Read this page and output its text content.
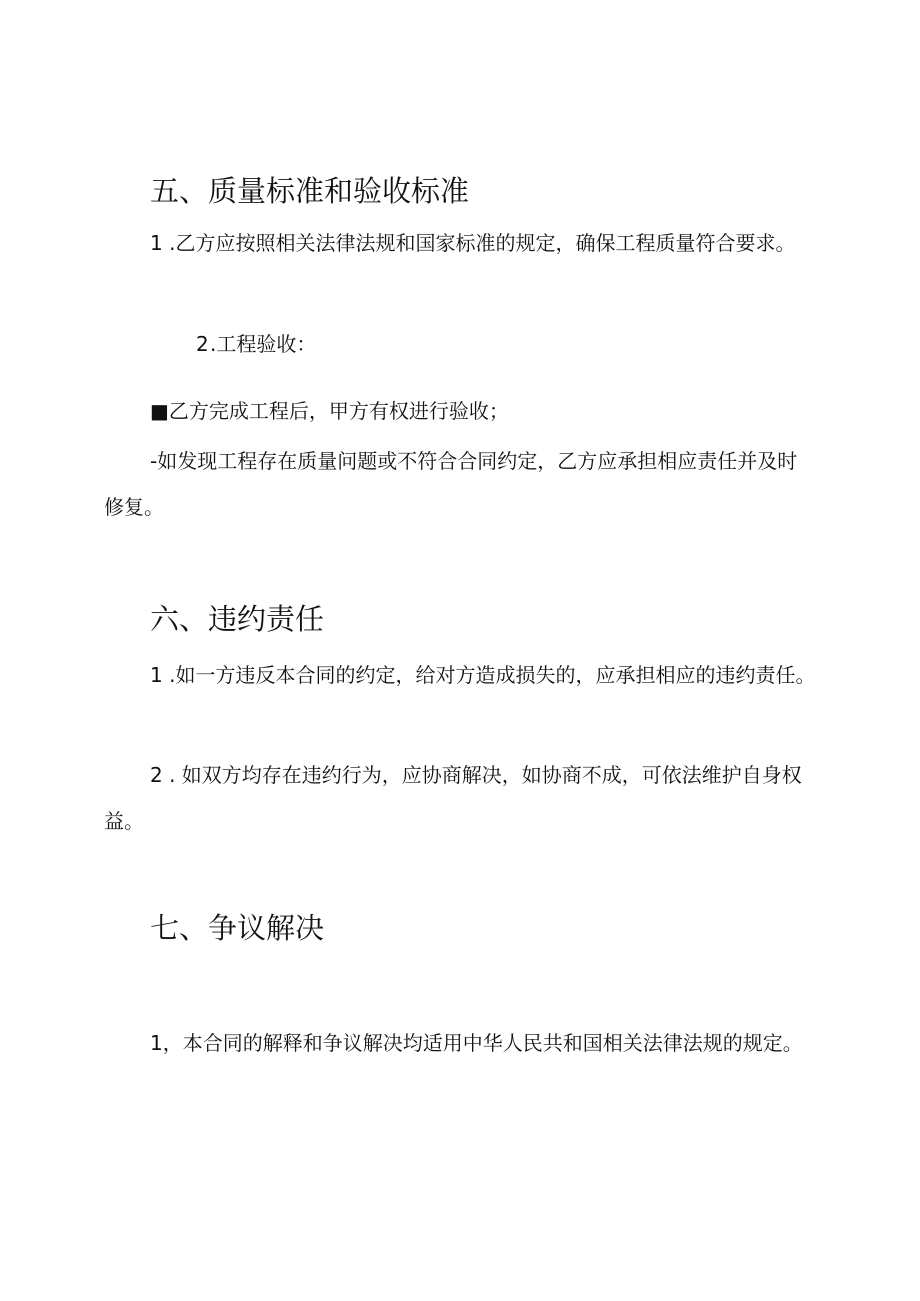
五、质量标准和验收标准

1 .乙方应按照相关法律法规和国家标准的规定，确保工程质量符合要求。

2.工程验收：

■乙方完成工程后，甲方有权进行验收；

-如发现工程存在质量问题或不符合合同约定，乙方应承担相应责任并及时修复。

六、违约责任

1 .如一方违反本合同的约定，给对方造成损失的，应承担相应的违约责任。

2 . 如双方均存在违约行为，应协商解决，如协商不成，可依法维护自身权益。

七、争议解决

1，本合同的解释和争议解决均适用中华人民共和国相关法律法规的规定。
